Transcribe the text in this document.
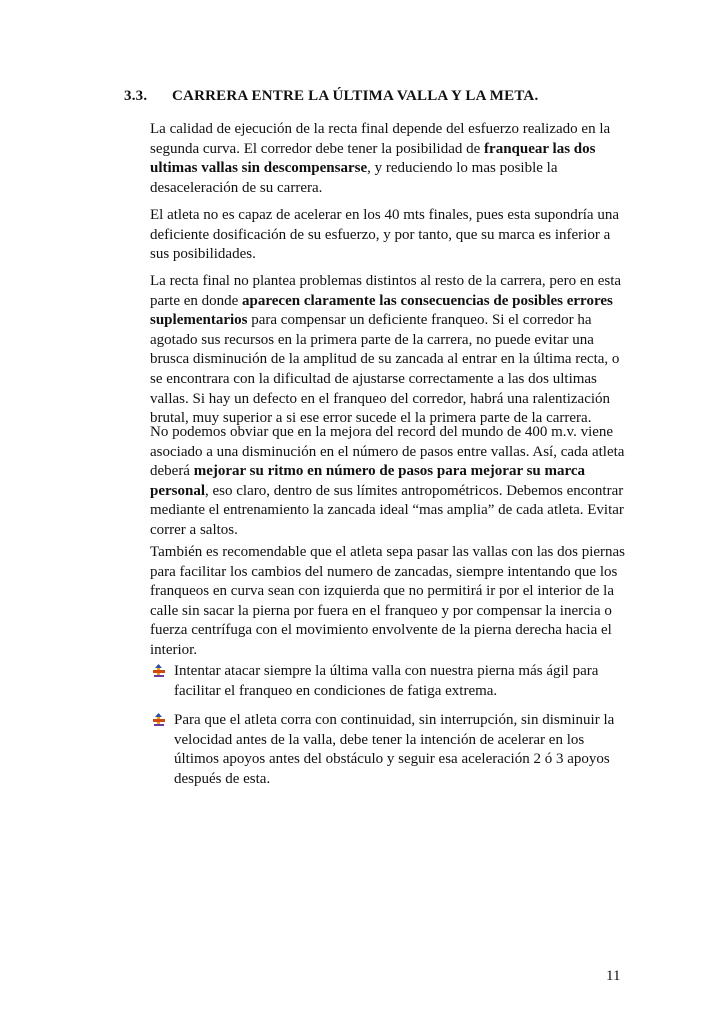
3.3. CARRERA ENTRE LA ÚLTIMA VALLA Y LA META.

La calidad de ejecución de la recta final depende del esfuerzo realizado en la segunda curva. El corredor debe tener la posibilidad de franquear las dos ultimas vallas sin descompensarse, y reduciendo lo mas posible la desaceleración de su carrera.

El atleta no es capaz de acelerar en los 40 mts finales, pues esta supondría una deficiente dosificación de su esfuerzo, y por tanto, que su marca es inferior a sus posibilidades.

La recta final no plantea problemas distintos al resto de la carrera, pero en esta parte en donde aparecen claramente las consecuencias de posibles errores suplementarios para compensar un deficiente franqueo. Si el corredor ha agotado sus recursos en la primera parte de la carrera, no puede evitar una brusca disminución de la amplitud de su zancada al entrar en la última recta, o se encontrara con la dificultad de ajustarse correctamente a las dos ultimas vallas. Si hay un defecto en el franqueo del corredor, habrá una ralentización brutal, muy superior a si ese error sucede el la primera parte de la carrera.

No podemos obviar que en la mejora del record del mundo de 400 m.v. viene asociado a una disminución en el número de pasos entre vallas. Así, cada atleta deberá mejorar su ritmo en número de pasos para mejorar su marca personal, eso claro, dentro de sus límites antropométricos. Debemos encontrar mediante el entrenamiento la zancada ideal “mas amplia” de cada atleta. Evitar correr a saltos.

También es recomendable que el atleta sepa pasar las vallas con las dos piernas para facilitar los cambios del numero de zancadas, siempre intentando que los franqueos en curva sean con izquierda que no permitirá ir por el interior de la calle sin sacar la pierna por fuera en el franqueo y por compensar la inercia o fuerza centrífuga con el movimiento envolvente de la pierna derecha hacia el interior.

Intentar atacar siempre la última valla con nuestra pierna más ágil para facilitar el franqueo en condiciones de fatiga extrema.
Para que el atleta corra con continuidad, sin interrupción, sin disminuir la velocidad antes de la valla, debe tener la intención de acelerar en los últimos apoyos antes del obstáculo y seguir esa aceleración 2 ó 3 apoyos después de esta.
11
